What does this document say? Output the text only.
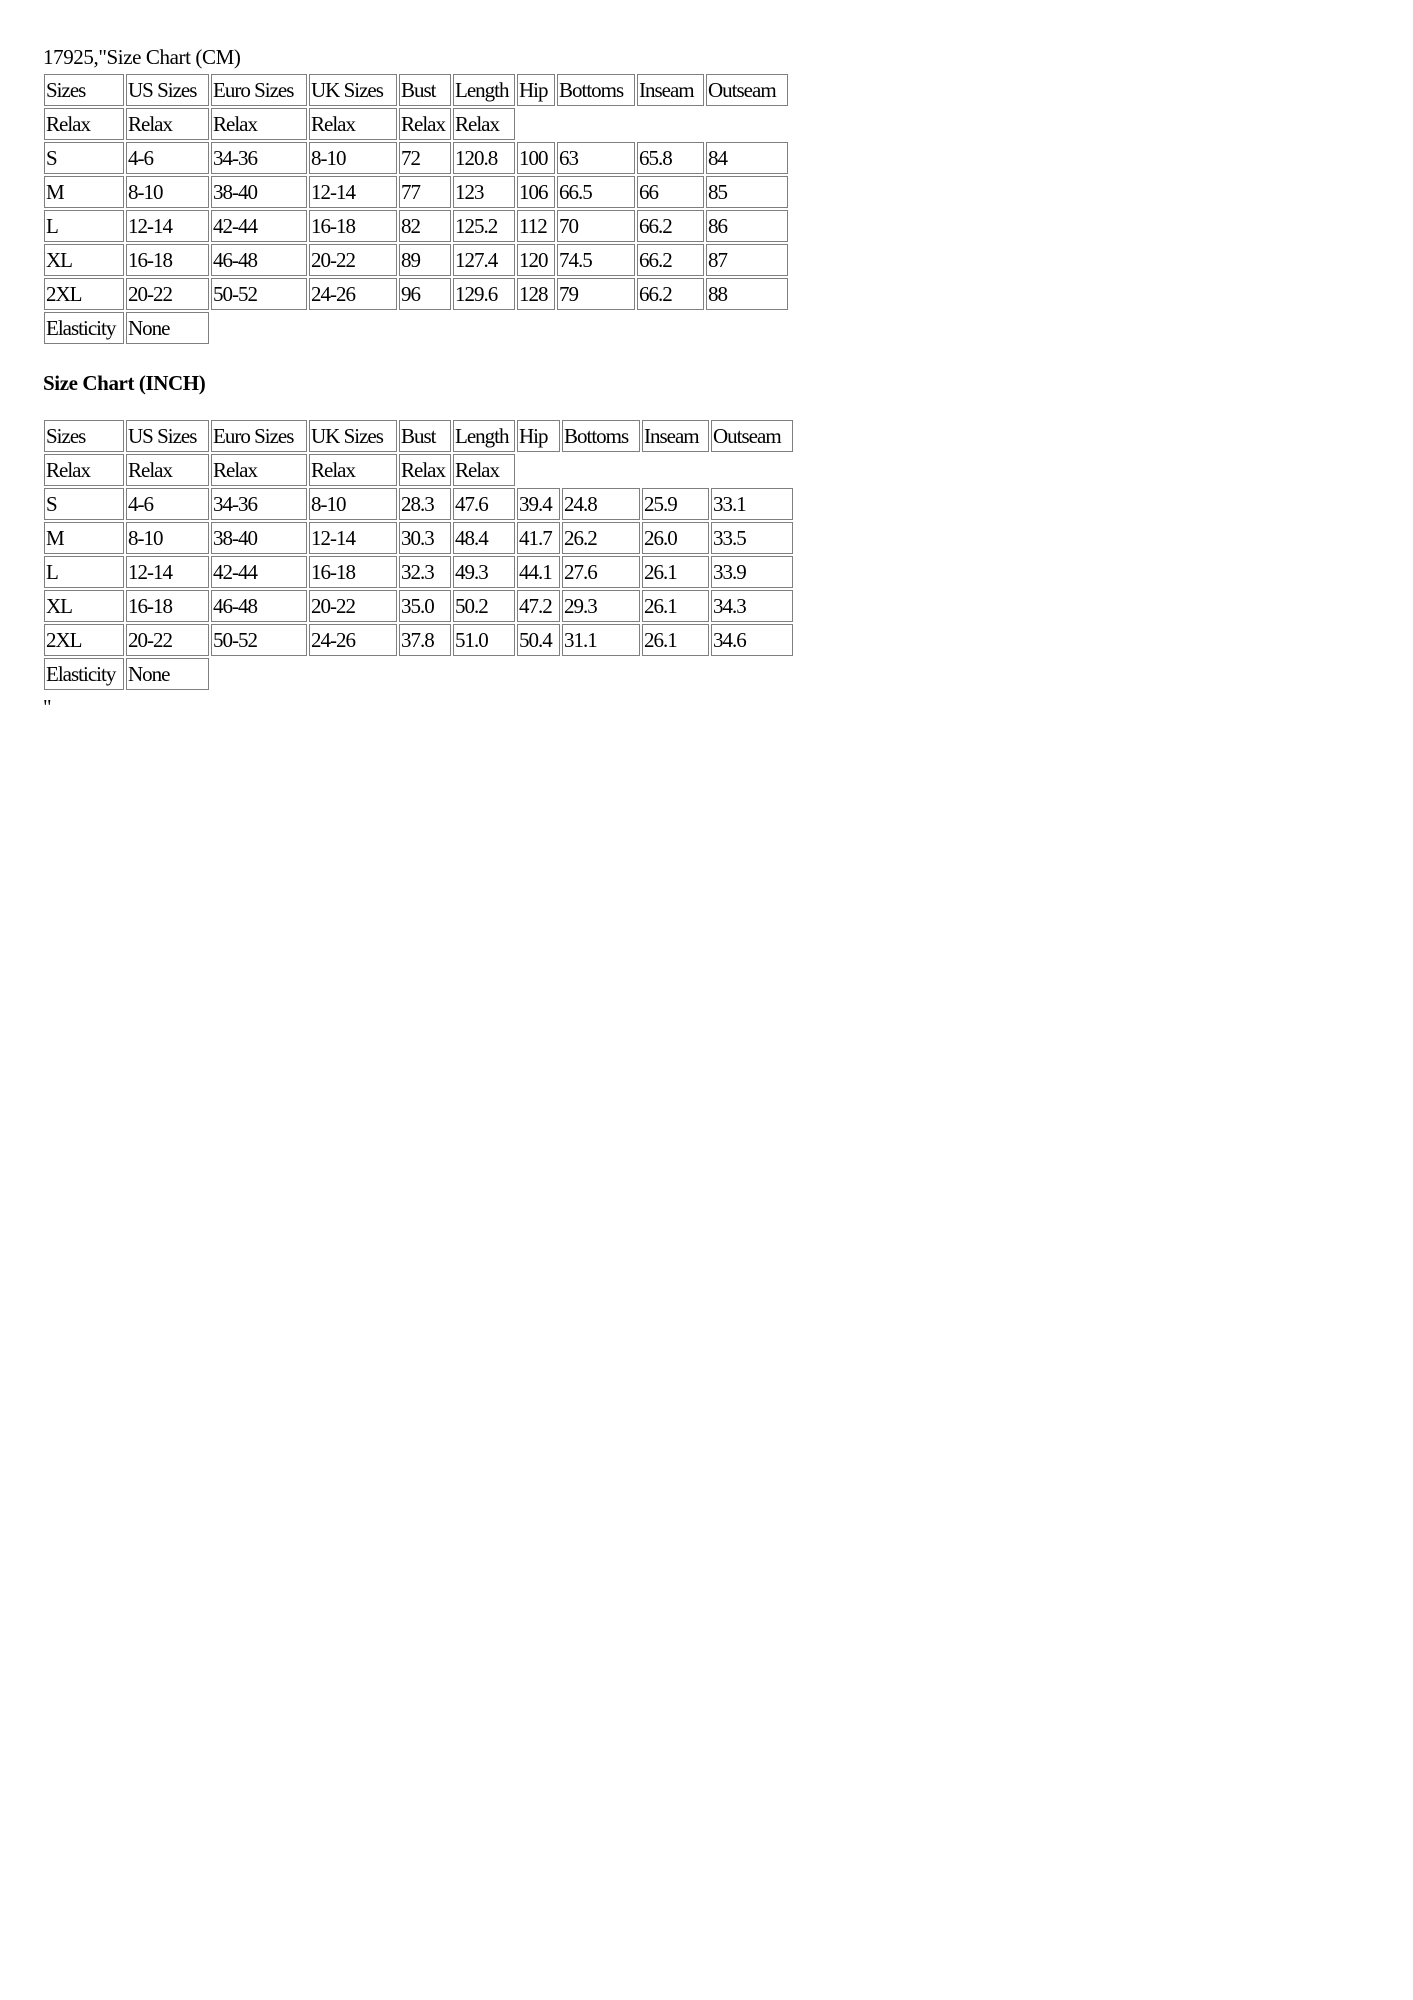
17925,"Size Chart (CM)
Sizes	US Sizes	Euro Sizes	UK Sizes	Bust	Length	Hip	Bottoms	Inseam	Outseam
Relax	Relax	Relax	Relax	Relax	Relax				
S	4-6	34-36	8-10	72	120.8	100	63	65.8	84
M	8-10	38-40	12-14	77	123	106	66.5	66	85
L	12-14	42-44	16-18	82	125.2	112	70	66.2	86
XL	16-18	46-48	20-22	89	127.4	120	74.5	66.2	87
2XL	20-22	50-52	24-26	96	129.6	128	79	66.2	88
Elasticity	None								
Size Chart (INCH)
Sizes	US Sizes	Euro Sizes	UK Sizes	Bust	Length	Hip	Bottoms	Inseam	Outseam
Relax	Relax	Relax	Relax	Relax	Relax				
S	4-6	34-36	8-10	28.3	47.6	39.4	24.8	25.9	33.1
M	8-10	38-40	12-14	30.3	48.4	41.7	26.2	26.0	33.5
L	12-14	42-44	16-18	32.3	49.3	44.1	27.6	26.1	33.9
XL	16-18	46-48	20-22	35.0	50.2	47.2	29.3	26.1	34.3
2XL	20-22	50-52	24-26	37.8	51.0	50.4	31.1	26.1	34.6
Elasticity	None								
"
